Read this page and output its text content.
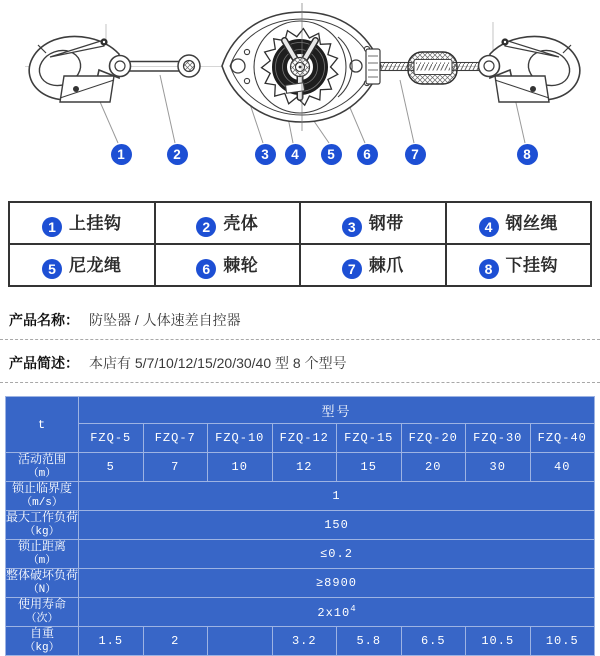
1	2	3	4	5	6	7	8
1 上挂钩	2 壳体	3 钢带	4 钢丝绳
5 尼龙绳	6 棘轮	7 棘爪	8 下挂钩
产品名称： 防坠器 / 人体速差自控器
产品简述： 本店有 5/7/10/12/15/20/30/40 型 8 个型号
t	型号							
	FZQ-5	FZQ-7	FZQ-10	FZQ-12	FZQ-15	FZQ-20	FZQ-30	FZQ-40

活动范围
（m）	5	7	10	12	15	20	30	40

锁止临界度
（m/s）	1							

最大工作负荷
（kg）	150							

锁止距离
（m）	≤0.2							

整体破坏负荷
（N）	≥8900							

使用寿命
（次）	$2x10^4$

自重
（kg）	1.5	2		3.2	5.8	6.5	10.5	10.5
